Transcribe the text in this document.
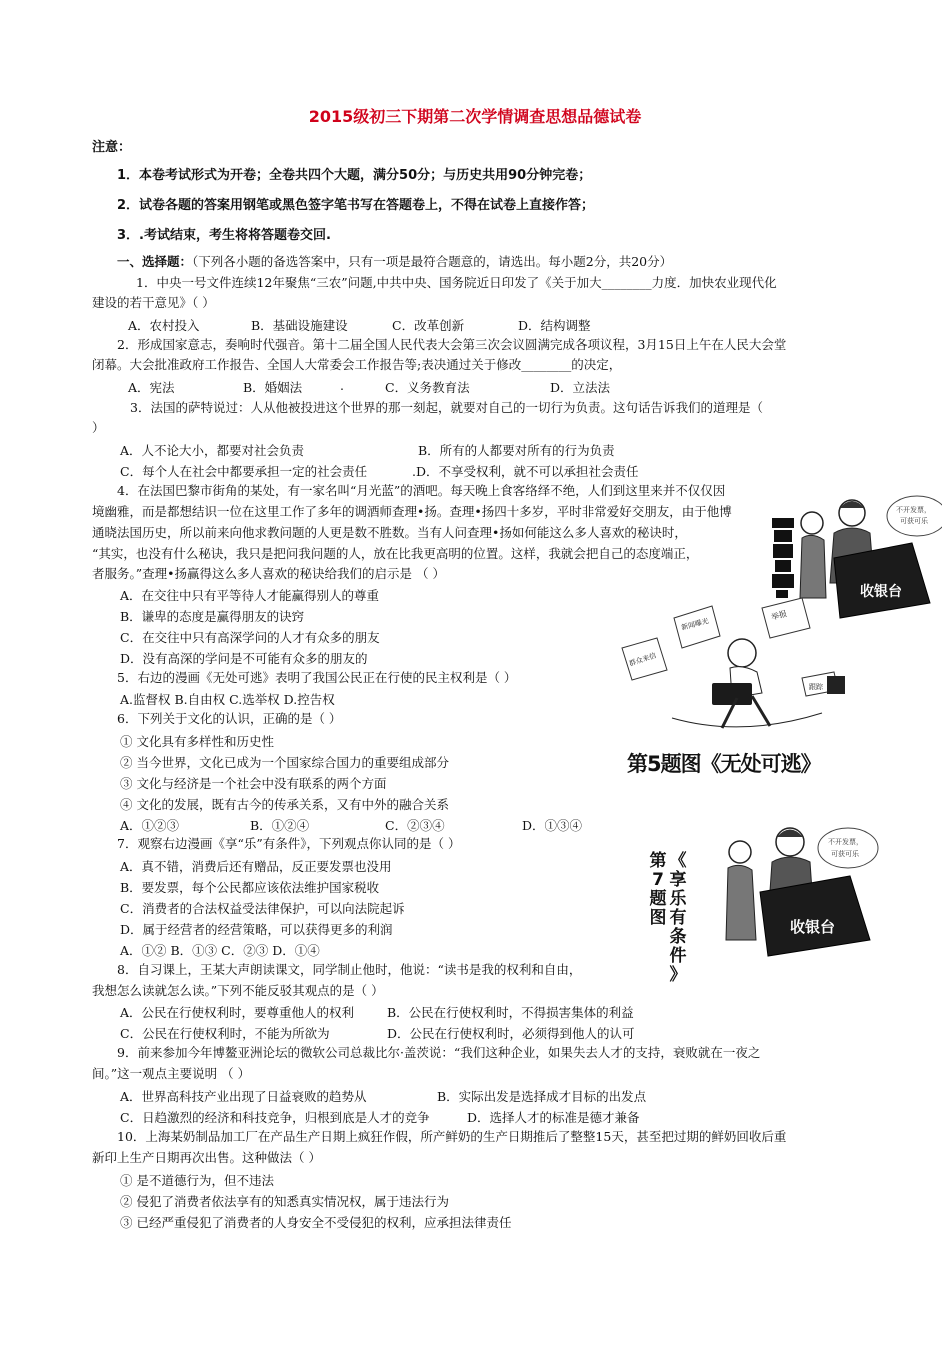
2015级初三下期第二次学情调查思想品德试卷
注意：
1．本卷考试形式为开卷；全卷共四个大题，满分50分；与历史共用90分钟完卷；
2．试卷各题的答案用钢笔或黑色签字笔书写在答题卷上，不得在试卷上直接作答；
3．.考试结束，考生将将答题卷交回.
一、选择题：（下列各小题的备选答案中，只有一项是最符合题意的，请选出。每小题2分，共20分）
1．中央一号文件连续12年聚焦“三农”问题,中共中央、国务院近日印发了《关于加大________力度．加快农业现代化
建设的若干意见》（ ）
A．农村投入	B．基础设施建设	C．改革创新	D．结构调整
2．形成国家意志，奏响时代强音。第十二届全国人民代表大会第三次会议圆满完成各项议程，3月15日上午在人民大会堂
闭幕。大会批准政府工作报告、全国人大常委会工作报告等;表决通过关于修改________的决定，
A．宪法	B．婚姻法	.	C．义务教育法	D．立法法
3．法国的萨特说过：人从他被投进这个世界的那一刻起，就要对自己的一切行为负责。这句话告诉我们的道理是（
）
A．人不论大小，都要对社会负责	B．所有的人都要对所有的行为负责
C．每个人在社会中都要承担一定的社会责任	.D．不享受权利，就不可以承担社会责任
4．在法国巴黎市街角的某处，有一家名叫“月光蓝”的酒吧。每天晚上食客络绎不绝，人们到这里来并不仅仅因
境幽雅，而是都想结识一位在这里工作了多年的调酒师查理•扬。查理•扬四十多岁，平时非常爱好交朋友，由于他博
通晓法国历史，所以前来向他求教问题的人更是数不胜数。当有人问查理•扬如何能这么多人喜欢的秘诀时，
“其实，也没有什么秘诀，我只是把问我问题的人，放在比我更高明的位置。这样，我就会把自己的态度端正，
者服务。”查理•扬赢得这么多人喜欢的秘诀给我们的启示是 （ ）
A．在交往中只有平等待人才能赢得别人的尊重
B．谦卑的态度是赢得朋友的诀窍
C．在交往中只有高深学问的人才有众多的朋友
D．没有高深的学问是不可能有众多的朋友的
5．右边的漫画《无处可逃》表明了我国公民正在行使的民主权利是（ ）
A.监督权 B.自由权 C.选举权 D.控告权
6．下列关于文化的认识，正确的是（ ）
① 文化具有多样性和历史性
② 当今世界，文化已成为一个国家综合国力的重要组成部分
③ 文化与经济是一个社会中没有联系的两个方面
④ 文化的发展，既有古今的传承关系，又有中外的融合关系
A．①②③	B．①②④	C．②③④	D．①③④
7．观察右边漫画《享“乐”有条件》，下列观点你认同的是（ ）
A．真不错，消费后还有赠品，反正要发票也没用
B．要发票，每个公民都应该依法维护国家税收
C．消费者的合法权益受法律保护，可以向法院起诉
D．属于经营者的经营策略，可以获得更多的利润
A．①② B．①③ C．②③ D．①④
8．自习课上，王某大声朗读课文，同学制止他时，他说：“读书是我的权利和自由，
我想怎么读就怎么读。”下列不能反驳其观点的是（ ）
A．公民在行使权利时，要尊重他人的权利	B．公民在行使权利时，不得损害集体的利益
C．公民在行使权利时，不能为所欲为	D．公民在行使权利时，必须得到他人的认可
9．前来参加今年博鳌亚洲论坛的微软公司总裁比尔·盖茨说：“我们这种企业，如果失去人才的支持，衰败就在一夜之
间。”这一观点主要说明 （ ）
A．世界高科技产业出现了日益衰败的趋势从	B．实际出发是选择成才目标的出发点
C．日趋激烈的经济和科技竞争，归根到底是人才的竞争	D．选择人才的标准是德才兼备
10．上海某奶制品加工厂在产品生产日期上疯狂作假，所产鲜奶的生产日期推后了整整15天，甚至把过期的鲜奶回收后重
新印上生产日期再次出售。这种做法（ ）
① 是不道德行为，但不违法
② 侵犯了消费者依法享有的知悉真实情况权，属于违法行为
③ 已经严重侵犯了消费者的人身安全不受侵犯的权利，应承担法律责任
收银台
不开发票，
可获可乐
新闻曝光
举报
群众来信
跟踪
第5题图《无处可逃》
收银台
不开发票，
可获可乐
第 《 7 享 题 乐 图 有 条 件 》
